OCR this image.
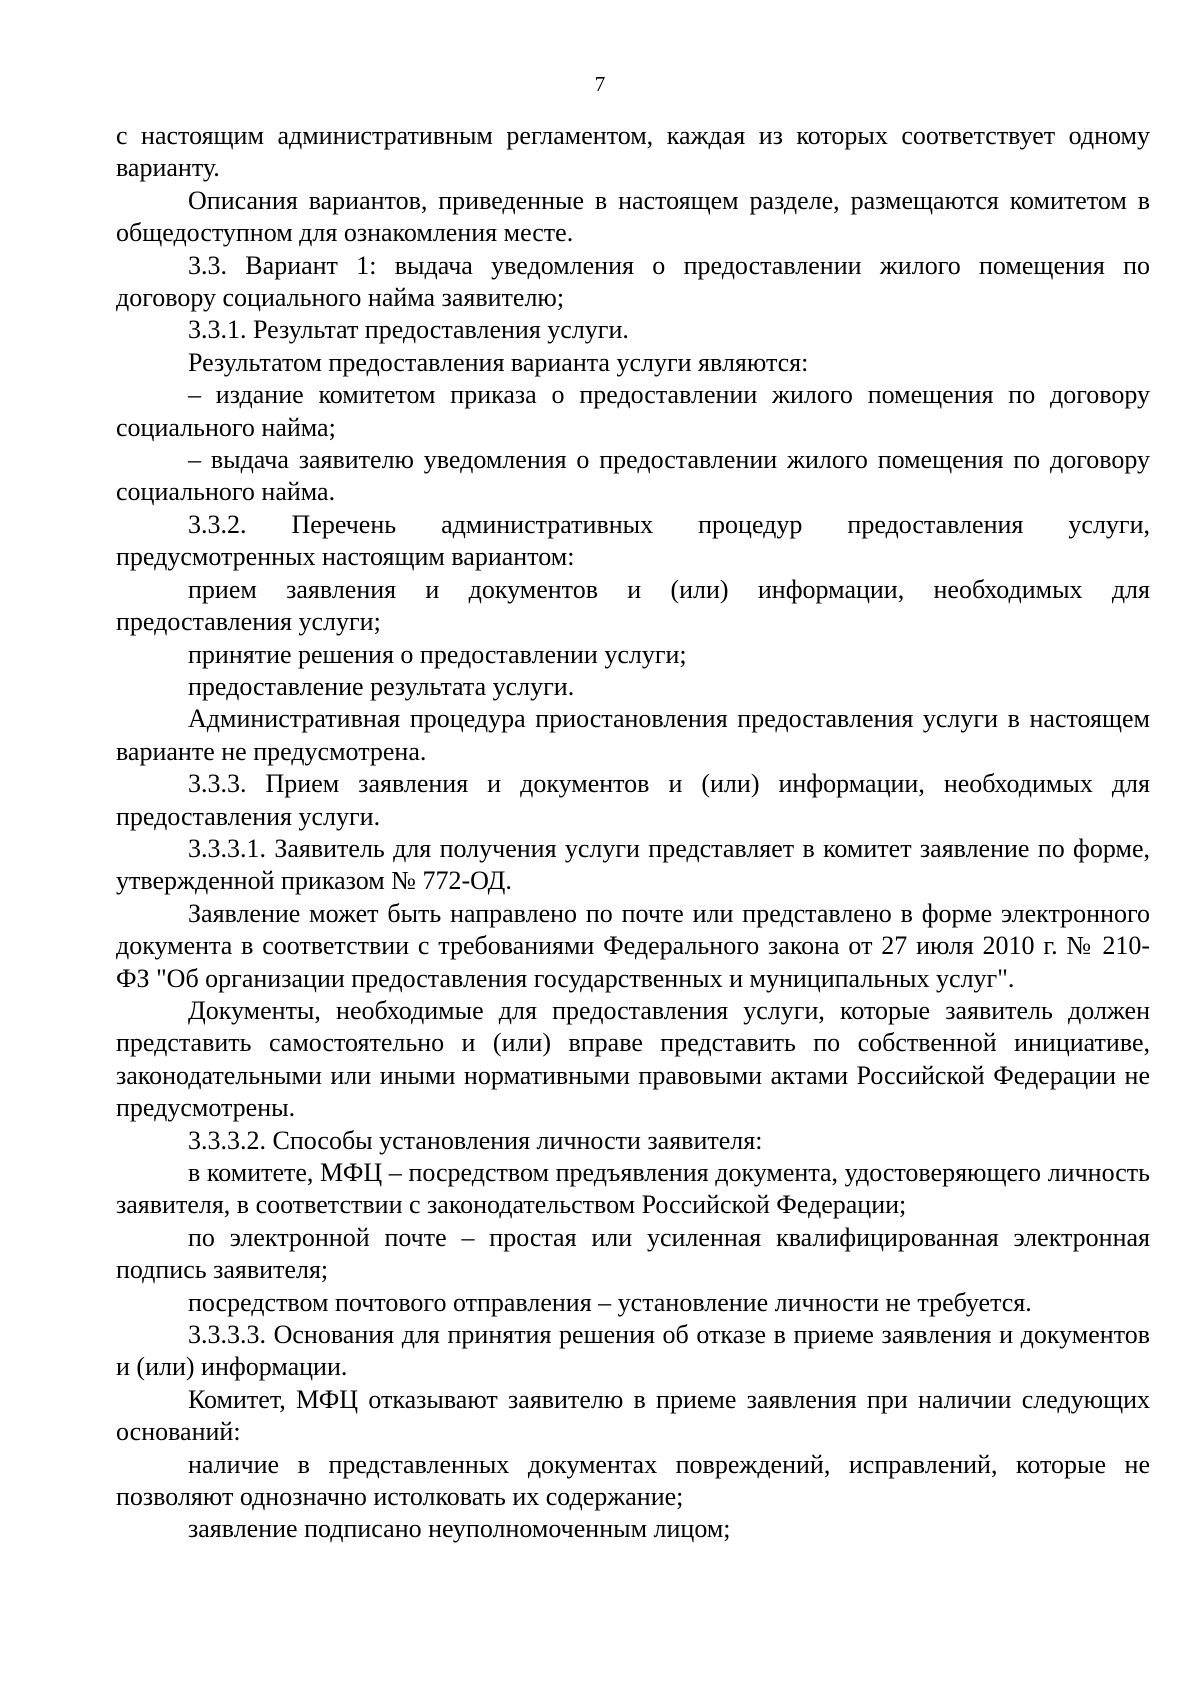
7

с настоящим административным регламентом, каждая из которых соответствует одному варианту.

Описания вариантов, приведенные в настоящем разделе, размещаются комитетом в общедоступном для ознакомления месте.

3.3. Вариант 1: выдача уведомления о предоставлении жилого помещения по договору социального найма заявителю;

3.3.1. Результат предоставления услуги.

Результатом предоставления варианта услуги являются:

– издание комитетом приказа о предоставлении жилого помещения по договору социального найма;

– выдача заявителю уведомления о предоставлении жилого помещения по договору социального найма.

3.3.2. Перечень административных процедур предоставления услуги, предусмотренных настоящим вариантом:

прием заявления и документов и (или) информации, необходимых для предоставления услуги;

принятие решения о предоставлении услуги;

предоставление результата услуги.

Административная процедура приостановления предоставления услуги в настоящем варианте не предусмотрена.

3.3.3. Прием заявления и документов и (или) информации, необходимых для предоставления услуги.

3.3.3.1. Заявитель для получения услуги представляет в комитет заявление по форме, утвержденной приказом № 772-ОД.

Заявление может быть направлено по почте или представлено в форме электронного документа в соответствии с требованиями Федерального закона от 27 июля 2010 г. № 210-ФЗ "Об организации предоставления государственных и муниципальных услуг".

Документы, необходимые для предоставления услуги, которые заявитель должен представить самостоятельно и (или) вправе представить по собственной инициативе, законодательными или иными нормативными правовыми актами Российской Федерации не предусмотрены.

3.3.3.2. Способы установления личности заявителя:

в комитете, МФЦ – посредством предъявления документа, удостоверяющего личность заявителя, в соответствии с законодательством Российской Федерации;

по электронной почте – простая или усиленная квалифицированная электронная подпись заявителя;

посредством почтового отправления – установление личности не требуется.

3.3.3.3. Основания для принятия решения об отказе в приеме заявления и документов и (или) информации.

Комитет, МФЦ отказывают заявителю в приеме заявления при наличии следующих оснований:

наличие в представленных документах повреждений, исправлений, которые не позволяют однозначно истолковать их содержание;

заявление подписано неуполномоченным лицом;
